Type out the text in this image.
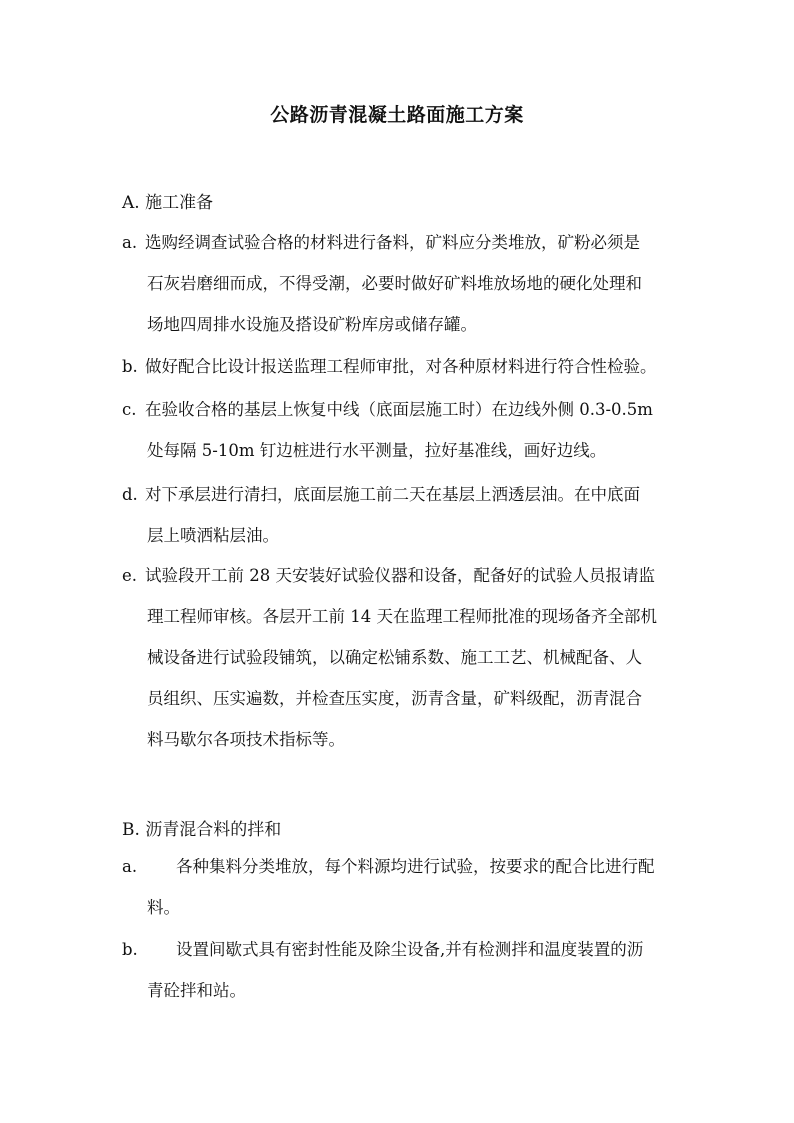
公路沥青混凝土路面施工方案
A. 施工准备
a. 选购经调查试验合格的材料进行备料，矿料应分类堆放，矿粉必须是
石灰岩磨细而成，不得受潮，必要时做好矿料堆放场地的硬化处理和
场地四周排水设施及搭设矿粉库房或储存罐。
b. 做好配合比设计报送监理工程师审批，对各种原材料进行符合性检验。
c. 在验收合格的基层上恢复中线（底面层施工时）在边线外侧 0.3-0.5m
处每隔 5-10m 钉边桩进行水平测量，拉好基准线，画好边线。
d. 对下承层进行清扫，底面层施工前二天在基层上洒透层油。在中底面
层上喷洒粘层油。
e. 试验段开工前 28 天安装好试验仪器和设备，配备好的试验人员报请监
理工程师审核。各层开工前 14 天在监理工程师批准的现场备齐全部机
械设备进行试验段铺筑，以确定松铺系数、施工工艺、机械配备、人
员组织、压实遍数，并检查压实度，沥青含量，矿料级配，沥青混合
料马歇尔各项技术指标等。
B. 沥青混合料的拌和
a.	各种集料分类堆放，每个料源均进行试验，按要求的配合比进行配
料。
b.	设置间歇式具有密封性能及除尘设备,并有检测拌和温度装置的沥
青砼拌和站。
